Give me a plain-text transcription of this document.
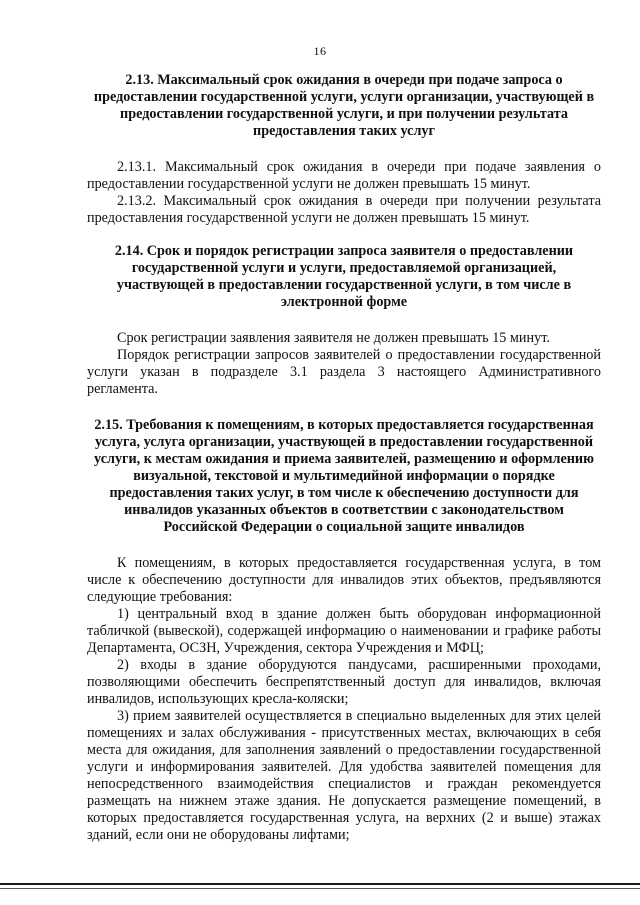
16

2.13. Максимальный срок ожидания в очереди при подаче запроса о предоставлении государственной услуги, услуги организации, участвующей в предоставлении государственной услуги, и при получении результата предоставления таких услуг

2.13.1. Максимальный срок ожидания в очереди при подаче заявления о предоставлении государственной услуги не должен превышать 15 минут.

2.13.2. Максимальный срок ожидания в очереди при получении результата предоставления государственной услуги не должен превышать 15 минут.

2.14. Срок и порядок регистрации запроса заявителя о предоставлении государственной услуги и услуги, предоставляемой организацией, участвующей в предоставлении государственной услуги, в том числе в электронной форме

Срок регистрации заявления заявителя не должен превышать 15 минут.

Порядок регистрации запросов заявителей о предоставлении государственной услуги указан в подразделе 3.1 раздела 3 настоящего Административного регламента.

2.15. Требования к помещениям, в которых предоставляется государственная услуга, услуга организации, участвующей в предоставлении государственной услуги, к местам ожидания и приема заявителей, размещению и оформлению визуальной, текстовой и мультимедийной информации о порядке предоставления таких услуг, в том числе к обеспечению доступности для инвалидов указанных объектов в соответствии с законодательством Российской Федерации о социальной защите инвалидов

К помещениям, в которых предоставляется государственная услуга, в том числе к обеспечению доступности для инвалидов этих объектов, предъявляются следующие требования:

1) центральный вход в здание должен быть оборудован информационной табличкой (вывеской), содержащей информацию о наименовании и графике работы Департамента, ОСЗН, Учреждения, сектора Учреждения и МФЦ;

2) входы в здание оборудуются пандусами, расширенными проходами, позволяющими обеспечить беспрепятственный доступ для инвалидов, включая инвалидов, использующих кресла-коляски;

3) прием заявителей осуществляется в специально выделенных для этих целей помещениях и залах обслуживания - присутственных местах, включающих в себя места для ожидания, для заполнения заявлений о предоставлении государственной услуги и информирования заявителей. Для удобства заявителей помещения для непосредственного взаимодействия специалистов и граждан рекомендуется размещать на нижнем этаже здания. Не допускается размещение помещений, в которых предоставляется государственная услуга, на верхних (2 и выше) этажах зданий, если они не оборудованы лифтами;
